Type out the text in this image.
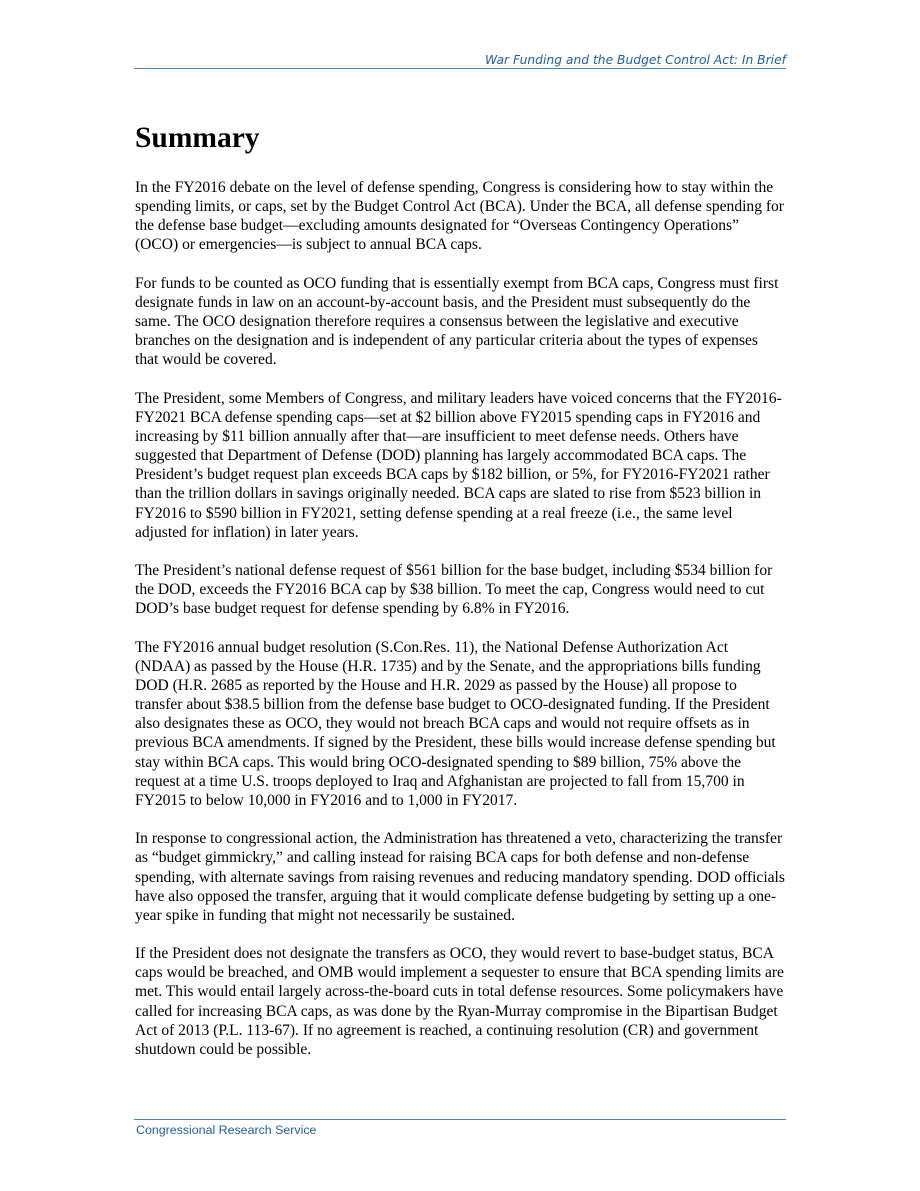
War Funding and the Budget Control Act: In Brief
Summary

In the FY2016 debate on the level of defense spending, Congress is considering how to stay within the spending limits, or caps, set by the Budget Control Act (BCA). Under the BCA, all defense spending for the defense base budget—excluding amounts designated for “Overseas Contingency Operations” (OCO) or emergencies—is subject to annual BCA caps.

For funds to be counted as OCO funding that is essentially exempt from BCA caps, Congress must first designate funds in law on an account-by-account basis, and the President must subsequently do the same. The OCO designation therefore requires a consensus between the legislative and executive branches on the designation and is independent of any particular criteria about the types of expenses that would be covered.

The President, some Members of Congress, and military leaders have voiced concerns that the FY2016-FY2021 BCA defense spending caps—set at $2 billion above FY2015 spending caps in FY2016 and increasing by $11 billion annually after that—are insufficient to meet defense needs. Others have suggested that Department of Defense (DOD) planning has largely accommodated BCA caps. The President’s budget request plan exceeds BCA caps by $182 billion, or 5%, for FY2016-FY2021 rather than the trillion dollars in savings originally needed. BCA caps are slated to rise from $523 billion in FY2016 to $590 billion in FY2021, setting defense spending at a real freeze (i.e., the same level adjusted for inflation) in later years.

The President’s national defense request of $561 billion for the base budget, including $534 billion for the DOD, exceeds the FY2016 BCA cap by $38 billion. To meet the cap, Congress would need to cut DOD’s base budget request for defense spending by 6.8% in FY2016.

The FY2016 annual budget resolution (S.Con.Res. 11), the National Defense Authorization Act (NDAA) as passed by the House (H.R. 1735) and by the Senate, and the appropriations bills funding DOD (H.R. 2685 as reported by the House and H.R. 2029 as passed by the House) all propose to transfer about $38.5 billion from the defense base budget to OCO-designated funding. If the President also designates these as OCO, they would not breach BCA caps and would not require offsets as in previous BCA amendments. If signed by the President, these bills would increase defense spending but stay within BCA caps. This would bring OCO-designated spending to $89 billion, 75% above the request at a time U.S. troops deployed to Iraq and Afghanistan are projected to fall from 15,700 in FY2015 to below 10,000 in FY2016 and to 1,000 in FY2017.

In response to congressional action, the Administration has threatened a veto, characterizing the transfer as “budget gimmickry,” and calling instead for raising BCA caps for both defense and non-defense spending, with alternate savings from raising revenues and reducing mandatory spending. DOD officials have also opposed the transfer, arguing that it would complicate defense budgeting by setting up a one-year spike in funding that might not necessarily be sustained.

If the President does not designate the transfers as OCO, they would revert to base-budget status, BCA caps would be breached, and OMB would implement a sequester to ensure that BCA spending limits are met. This would entail largely across-the-board cuts in total defense resources. Some policymakers have called for increasing BCA caps, as was done by the Ryan-Murray compromise in the Bipartisan Budget Act of 2013 (P.L. 113-67). If no agreement is reached, a continuing resolution (CR) and government shutdown could be possible.

Congressional Research Service
